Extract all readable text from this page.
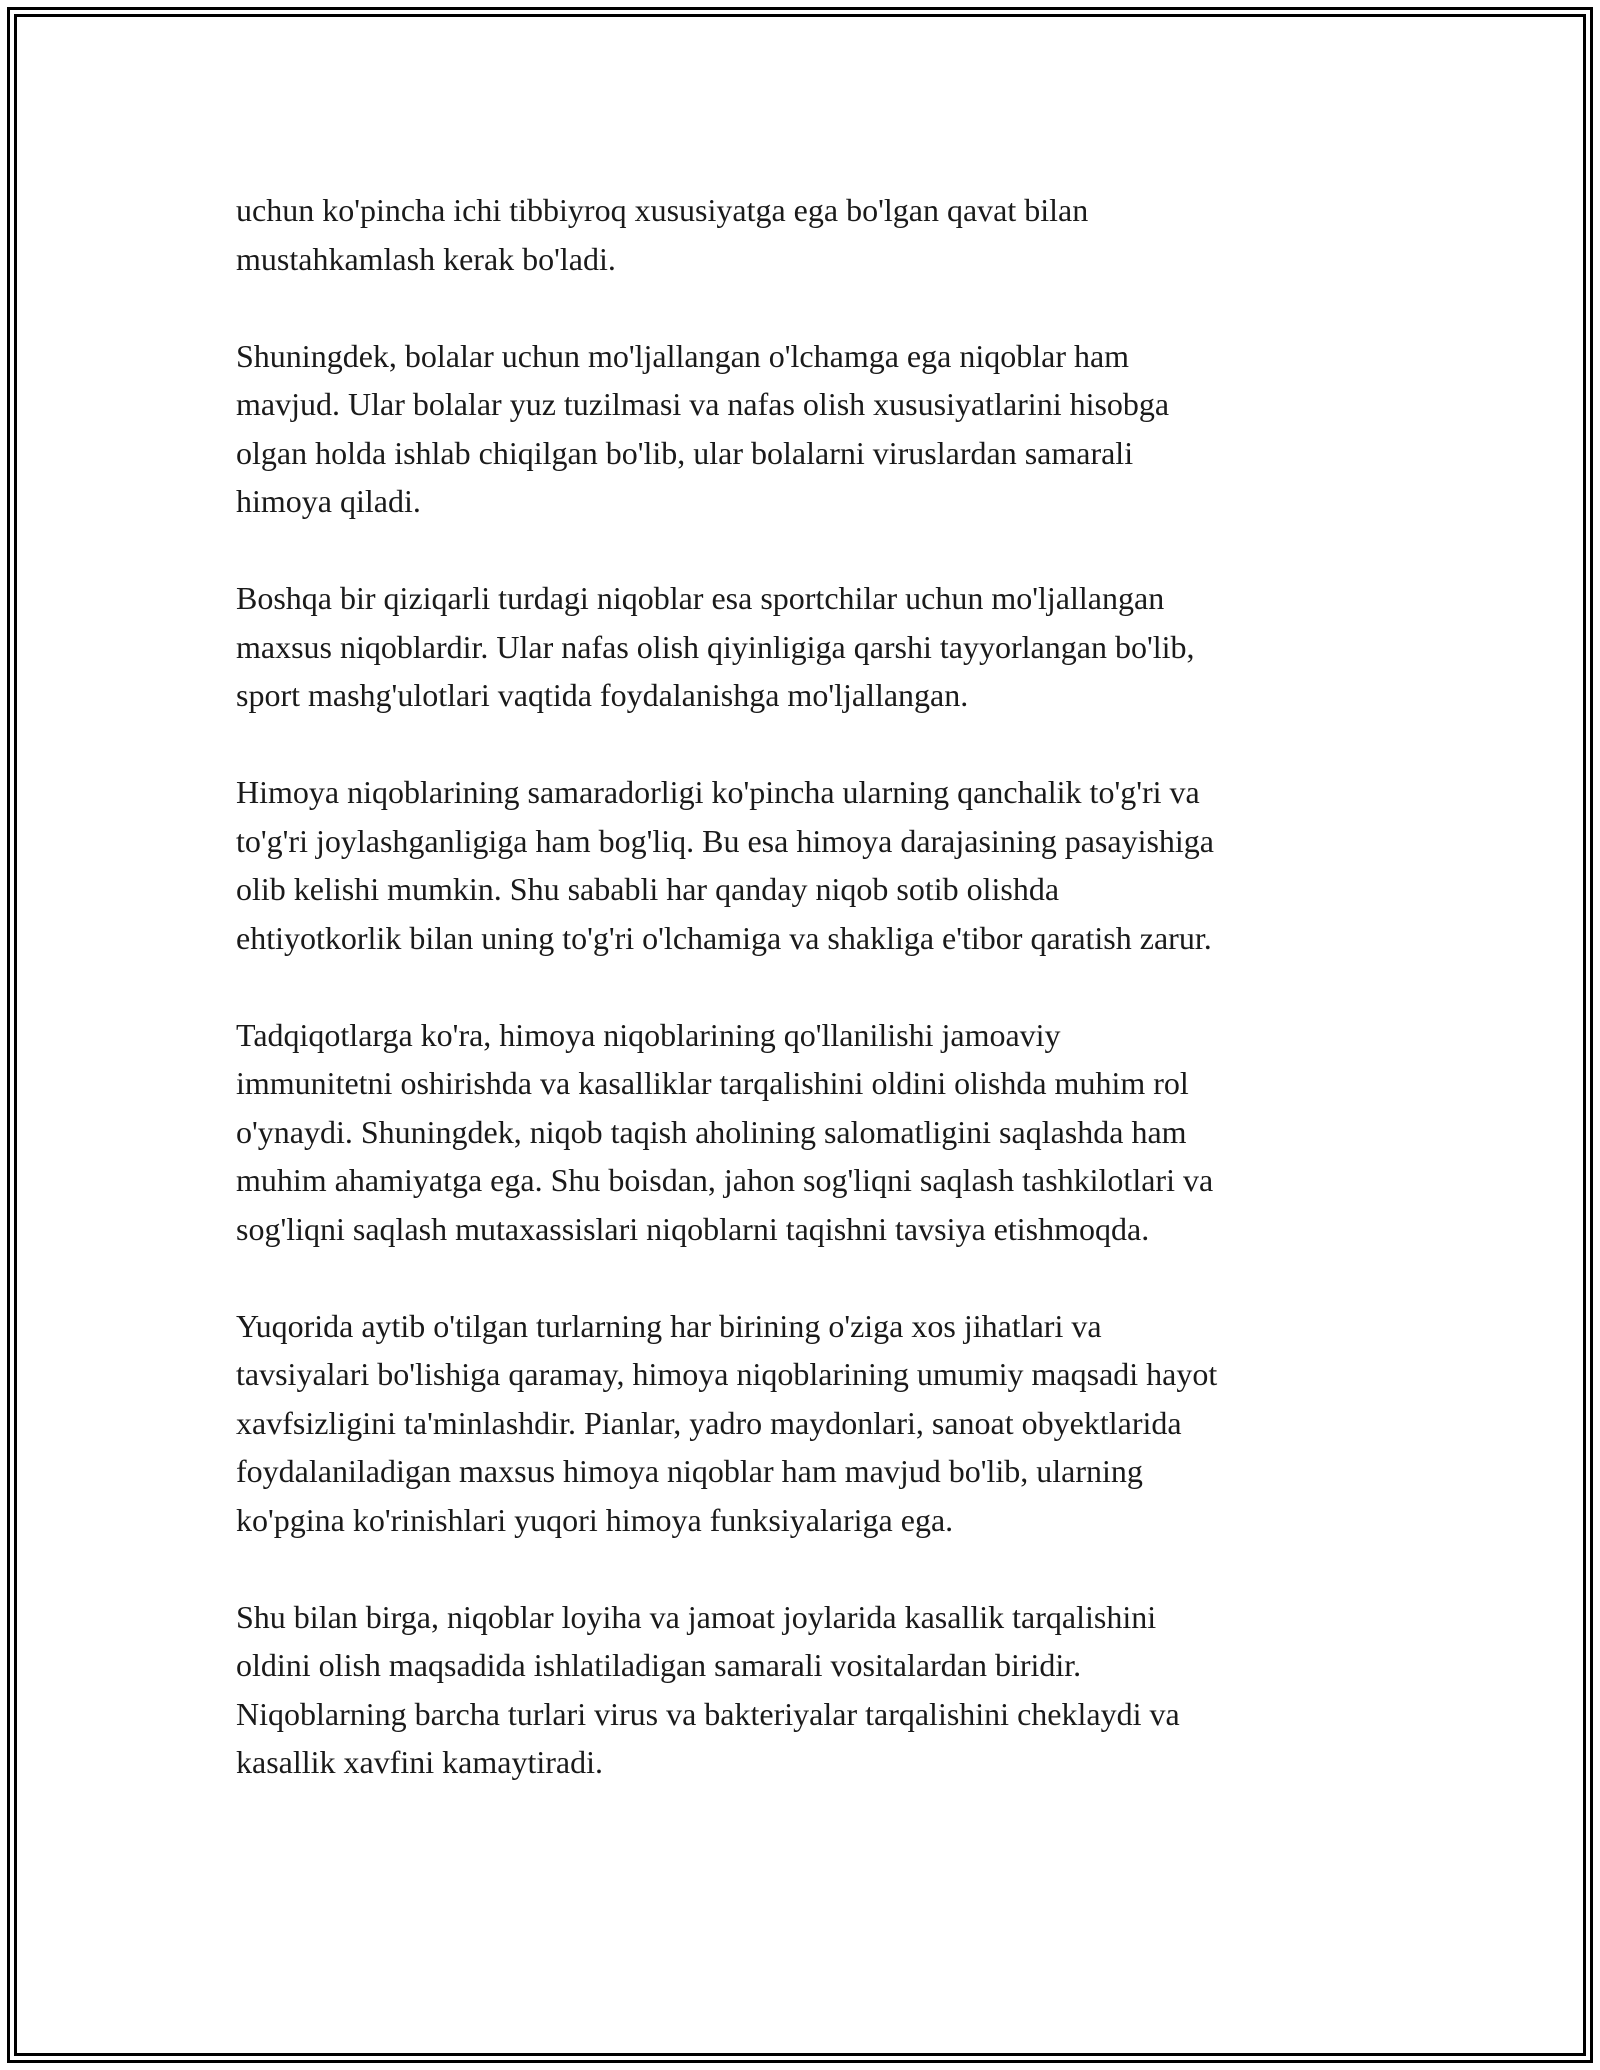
uchun ko'pincha ichi tibbiyroq xususiyatga ega bo'lgan qavat bilan
mustahkamlash kerak bo'ladi.

Shuningdek, bolalar uchun mo'ljallangan o'lchamga ega niqoblar ham
mavjud. Ular bolalar yuz tuzilmasi va nafas olish xususiyatlarini hisobga
olgan holda ishlab chiqilgan bo'lib, ular bolalarni viruslardan samarali
himoya qiladi.

Boshqa bir qiziqarli turdagi niqoblar esa sportchilar uchun mo'ljallangan
maxsus niqoblardir. Ular nafas olish qiyinligiga qarshi tayyorlangan bo'lib,
sport mashg'ulotlari vaqtida foydalanishga mo'ljallangan.

Himoya niqoblarining samaradorligi ko'pincha ularning qanchalik to'g'ri va
to'g'ri joylashganligiga ham bog'liq. Bu esa himoya darajasining pasayishiga
olib kelishi mumkin. Shu sababli har qanday niqob sotib olishda
ehtiyotkorlik bilan uning to'g'ri o'lchamiga va shakliga e'tibor qaratish zarur.

Tadqiqotlarga ko'ra, himoya niqoblarining qo'llanilishi jamoaviy
immunitetni oshirishda va kasalliklar tarqalishini oldini olishda muhim rol
o'ynaydi. Shuningdek, niqob taqish aholining salomatligini saqlashda ham
muhim ahamiyatga ega. Shu boisdan, jahon sog'liqni saqlash tashkilotlari va
sog'liqni saqlash mutaxassislari niqoblarni taqishni tavsiya etishmoqda.

Yuqorida aytib o'tilgan turlarning har birining o'ziga xos jihatlari va
tavsiyalari bo'lishiga qaramay, himoya niqoblarining umumiy maqsadi hayot
xavfsizligini ta'minlashdir. Pianlar, yadro maydonlari, sanoat obyektlarida
foydalaniladigan maxsus himoya niqoblar ham mavjud bo'lib, ularning
ko'pgina ko'rinishlari yuqori himoya funksiyalariga ega.

Shu bilan birga, niqoblar loyiha va jamoat joylarida kasallik tarqalishini
oldini olish maqsadida ishlatiladigan samarali vositalardan biridir.
Niqoblarning barcha turlari virus va bakteriyalar tarqalishini cheklaydi va
kasallik xavfini kamaytiradi.
